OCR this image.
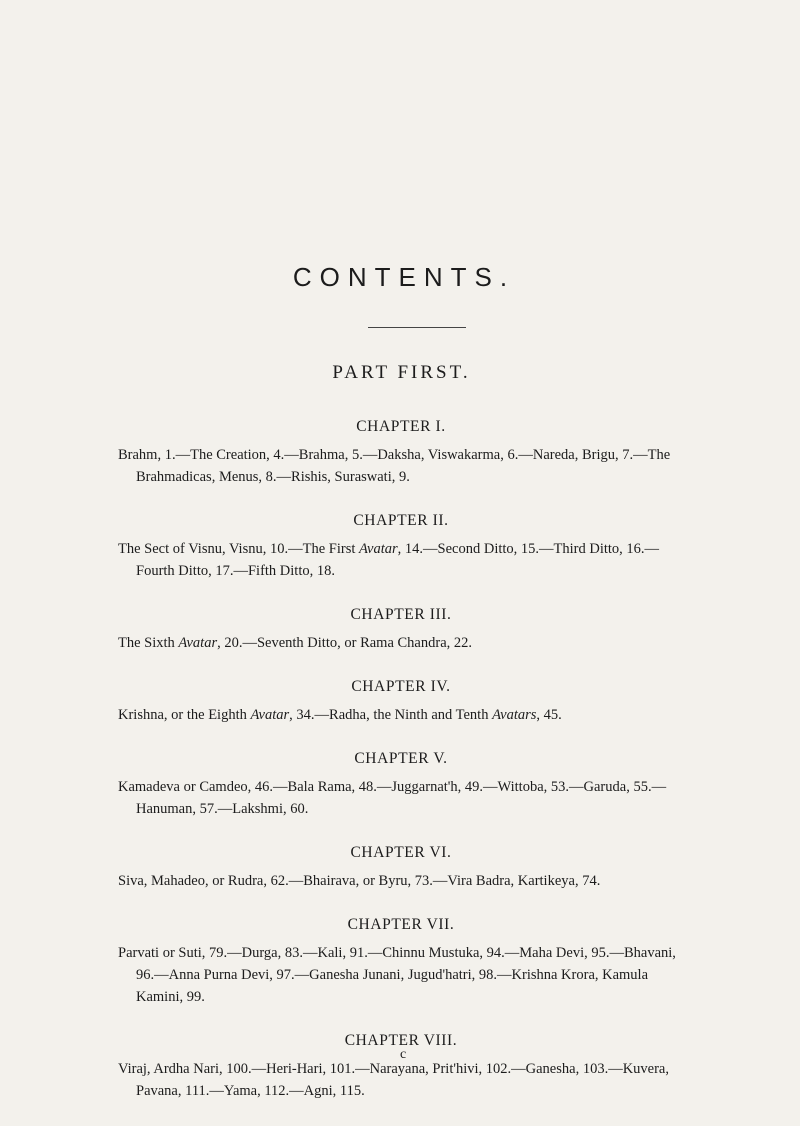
CONTENTS.
PART FIRST.
CHAPTER I.

Brahm, 1.—The Creation, 4.—Brahma, 5.—Daksha, Viswakarma, 6.—Nareda, Brigu, 7.—The Brahmadicas, Menus, 8.—Rishis, Suraswati, 9.

CHAPTER II.

The Sect of Visnu, Visnu, 10.—The First Avatar, 14.—Second Ditto, 15.—Third Ditto, 16.—Fourth Ditto, 17.—Fifth Ditto, 18.

CHAPTER III.

The Sixth Avatar, 20.—Seventh Ditto, or Rama Chandra, 22.

CHAPTER IV.

Krishna, or the Eighth Avatar, 34.—Radha, the Ninth and Tenth Avatars, 45.

CHAPTER V.

Kamadeva or Camdeo, 46.—Bala Rama, 48.—Juggarnat'h, 49.—Wittoba, 53.—Garuda, 55.—Hanuman, 57.—Lakshmi, 60.

CHAPTER VI.

Siva, Mahadeo, or Rudra, 62.—Bhairava, or Byru, 73.—Vira Badra, Kartikeya, 74.

CHAPTER VII.

Parvati or Suti, 79.—Durga, 83.—Kali, 91.—Chinnu Mustuka, 94.—Maha Devi, 95.—Bhavani, 96.—Anna Purna Devi, 97.—Ganesha Junani, Jugud'hatri, 98.—Krishna Krora, Kamula Kamini, 99.

CHAPTER VIII.

Viraj, Ardha Nari, 100.—Heri-Hari, 101.—Narayana, Prit'hivi, 102.—Ganesha, 103.—Kuvera, Pavana, 111.—Yama, 112.—Agni, 115.

c
